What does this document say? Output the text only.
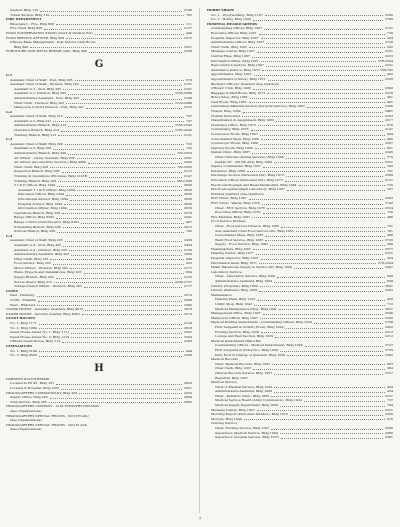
Cashier, Bldg 110	2196
Travel Section, Bldg 110	785
FIRE DEPARTMENT
Emergency - Fire, Bldg 808	111
Fire Chief, Bldg 808	2137
FOOD CONSERVATION STAND (Clerk & Division Ext)	440
FOOD SERVICE OFFICER, Bldg 809	2315
Officers Mess Management - Post Service Club Room,
Bldg 800	2651
FURNITURE AND METAL REPAIR (QM), Bldg 408	2538
G
G-1
Assistant Chief of Staff - Post, Bldg 205	670
Assistant Chief of Staff - Division, Bldg 205	2131
Assistant G-1 - Post, Bldg 205	2191
Assistant G-1, Division, Bldg 205	2122-2288
Administrative Assistant - Post, Bldg 205	2196
Chief Clerk - Division, Bldg 205	2122-2288
Manpower Control Division - Post, Bldg 201	2122
G-2
Assistant Chief of Staff, Bldg 213	747
Assistant G-2, Bldg 213	747
Administrative Branch, Bldg 213	2165-2242
Clearance Branch, Bldg 213	2165-2242
Training Branch, Bldg 213	2151
G-3
Assistant Chief of Staff, Bldg 208	722
Assistant G-3, Bldg 208	722
Administrative Branch, Bldg 208	703-2353
Air Officer - (Army General), Bldg 208	2201
Air Officer (Ground Duty Section), Bldg 4080	2202
Chief Clerk, Bldg 208	703-2353
Inspection Branch, Bldg 208	2115
Training & Operations (Bn Area), Bldg 1213B	2147
Training Branch, Bldg 208	2612-838
T I & E Officer, Bldg 1094	2630
Assistant T I & E Officer, Bldg 1094	2630
Education Officer, Bldg 1094	2630
Educational Advisor, Bldg 1094	2630
Hospital Advisor, Bldg 1094	2630
Information Officer, Bldg 1094	2630
Operations Branch, Bldg 208	2279
Range Officer, Bldg 6302	2241
Range Control (Switchboard), Bldg 6302	467
Scheduling Branch, Bldg 208	2613
Schools Branch, Bldg 208	742
G-4
Assistant Chief of Staff, Bldg 205	2456
Assistant G-4 - Post, Bldg 205	2454
Assistant G-4 - Division, Bldg 205	2156
Administrative Assistant, Bldg 205	2456
Chief Clerk, Bldg 205	649
Food Advisor, Bldg 205	433
Motor Officer - Division, Bldg 205	2177
Plans, Projects and Installations, Bldg 205	664
Supply Branch, Bldg 205	2150
Survey Board, Bldg 213	2236-2737
Transportation Officer - Division, Bldg 205	2177
GATES
East - Edisburg	2270
North - Franklin	2389
West - Hilarrest	2495
GUARD HOUSE - General's Quarters, Bldg 4070	2818
GUARD HOUSE - Security Quarter, Bldg 4063	2273
GUEST HOUSES
No. 1, Bldg 1171	2129
No. 2, Bldg 1084	2818
Guest House Annex No. 1, Bldg 1171	2502
Guest House Annex No. 2, Bldg 1119	2504
Officers Guest House, Bldg 112	2393
GYMNASIUMS
No. 1, Bldg 5199	444
No. 2, Bldg 4503	2286
H
HARNESS WATCH REPAIR
Located in PX #1, Bldg 197	2620
Located in Hospital, Bldg 1056	2621
HEADQUARTERS COMMANDANT, Bldg 205	2250
Supply Office, Bldg 205	2684
Trail Service, Bldg 205	2682
HEADQUARTERS COMPANY - 21ST INFANTRY DIVISION
(See Organizations)
HEADQUARTERS SPECIAL TROOPS - 5011TH ASU
(See Organizations)
HEADQUARTERS SPECIAL TROOPS - 5011th ASU
(See Organizations)
HOBBY SHOPS
No. 1 - Woodworking, Bldg 1107	2506
No. 2 - Hobby, Bldg 1009	2789
HOSPITAL HEADQUARTERS
Commanding Officer, Bldg 1007	2147
Executive Officer, Bldg 1007	730
Hospital Inspector, Bldg 1007	434
Administrative Officer, Bldg 1007	2158
Chief Clerk, Bldg 1007	502
Message Center, Bldg 1007	2231
Central Files, Bldg 1007	2233
Information Office, Bldg 1007	278-2304
Reproduction Section, Bldg 1007	2231
Ambulance Service, Bldg 1072	709-795
Appointments, Bldg 1005	462
Appointments (Clinics), Bldg 1071	2358
Bachelor Officers' Quarters (See Quarters)
Officers' Club, Bldg 1083	2393
Baggage & Mail Room, Bldg 1073	2318
Brace Shop, Bldg 1081	401
Cast Room, Bldg 1063	401
Centralized Material Section (Surgical Service), Bldg 1081	2286
Chapel, Bldg 1069	2481
Civilian Personnel	2163
Classification & Assignment, Bldg 1083	2317
Clearance Office, Bldg 1073	678
Commissary, Bldg 1076	2147
Conference Room, Bldg 1007	804
Consolidated Mess, Bldg 1069	496
Cystoscopic Room, Bldg 1068	2207
Delivery Room, Bldg 1064	801
Dental Clinic, Bldg 1087	2245
Chief Clinician (Dental Service), Bldg 1064	575
Dental Ctr - 3013th ASU, Bldg 1068	2521
Deputy Commander, Bldg 1007	243
Detention, Bldg 1068	791
Discharge Section (Personnel Div), Bldg 1073	2399
Education Officer (Personnel Div), Bldg 1073	2727
Electrocardiograph and Basal Metabolism, Bldg 1064	720
Electroencephalograph Laboratory, Bldg 1087	597
Enlisted Quarters (See Quarters)
ENT Clinic, Bldg 1087	2343
ENT Clinic - Wards, Bldg 1076	2742
Chief - ENT Section, Bldg 1076	2314
Executive Officer, Bldg 1076	730
Fire Marshal, Bldg 1087	486
Food Service Division
Chief - Food Service Division, Bldg 1085	781
Asst Assistant Chief Food Service Div., Bldg 1085	781
Consolidated Mess, Bldg 1085	486
Ward Food Service, Bldg 1085	2720
Supply - Food Service, Bldg 1085	588
Headquarters, Bldg 1007	2377
Hearing Center, Bldg 1077	2331
Hospital Inspector, Bldg 1007	434
Information Desk, Bldg 1071	278-2304
Infant Warehouse Supply & Service Div, Bldg 1008	2447
Laboratory Service
Chief - Laboratory Service, Bldg 1009	849
Administrative Assistant, Bldg 1009	849
Library (Hospital), Bldg 1064	2601
Library (Patients), Bldg 1069	2262
Maintenance
Heating Plant, Bldg 1105	420
Utility Shop, Bldg 1043	712
Medical Maintenance Shop, Bldg 1041	2627
Management Office, Bldg 1007	2546
Manpower Officer, Bldg 1007	2206
Medical Holding Detachment - Commanding Officer, Bldg 1029	2758
First Sergeant & Orderly Room, Bldg 1029	2450
Holding Section, Bldg 1029	2213
Lounge and Rest Section, Bldg 1029	2212
Medical Detachment (Ward Bn)
Commanding Officer - Medical Detachment, Bldg 1029	2727
First Sergeant & Order Doc, Bldg 1029	2759
Duty NCO & Charge of Quarters, Bldg 1029	2382
Medical Records
Chief, Medical Records, Bldg 1007	663
Chief Clerk, Bldg 1007	384
Clinical Records Service, Bldg 1007	2337
Registrar, Bldg 1007
Medical Service
Chief of Medical Service, Bldg 1009	434
Administrative Assistant, Bldg 1009	434
Chief - Pediatric Clinic, Bldg 1085	3231
Medical Service Board (Army Commission), Bldg 1024	737
Medical Supply Department, Bldg 1008	784
Message Center, Bldg 1007	2231
Morning Report (Personnel Division), Bldg 1073	2356
Morgue, Bldg 1040	670
Nursing Service
Chief, Nursing Service, Bldg 1007	2366
Supervisor, Medical Service, Bldg 1064	2366
Supervisor, Surgical Service, Bldg 1076	2381
7
